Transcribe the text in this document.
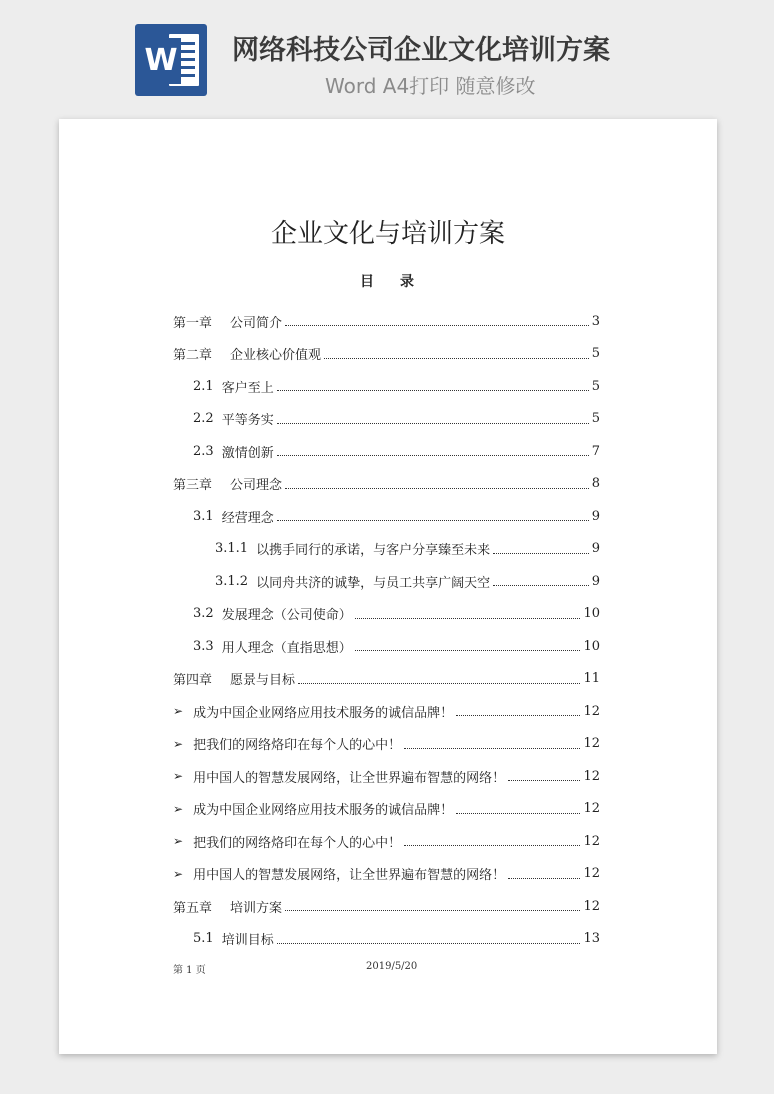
W 网络科技公司企业文化培训方案
Word A4打印 随意修改
企业文化与培训方案
目 录
第一章 公司简介	3
第二章 企业核心价值观	5
2.1 客户至上	5
2.2 平等务实	5
2.3 激情创新	7
第三章 公司理念	8
3.1 经营理念	9
3.1.1 以携手同行的承诺，与客户分享臻至未来	9
3.1.2 以同舟共济的诚挚，与员工共享广阔天空	9
3.2 发展理念（公司使命）	10
3.3 用人理念（直指思想）	10
第四章 愿景与目标	11
➢ 成为中国企业网络应用技术服务的诚信品牌！	12
➢ 把我们的网络烙印在每个人的心中！	12
➢ 用中国人的智慧发展网络，让全世界遍布智慧的网络！	12
➢ 成为中国企业网络应用技术服务的诚信品牌！	12
➢ 把我们的网络烙印在每个人的心中！	12
➢ 用中国人的智慧发展网络，让全世界遍布智慧的网络！	12
第五章 培训方案	12
5.1 培训目标	13
第 1 页	2019/5/20
